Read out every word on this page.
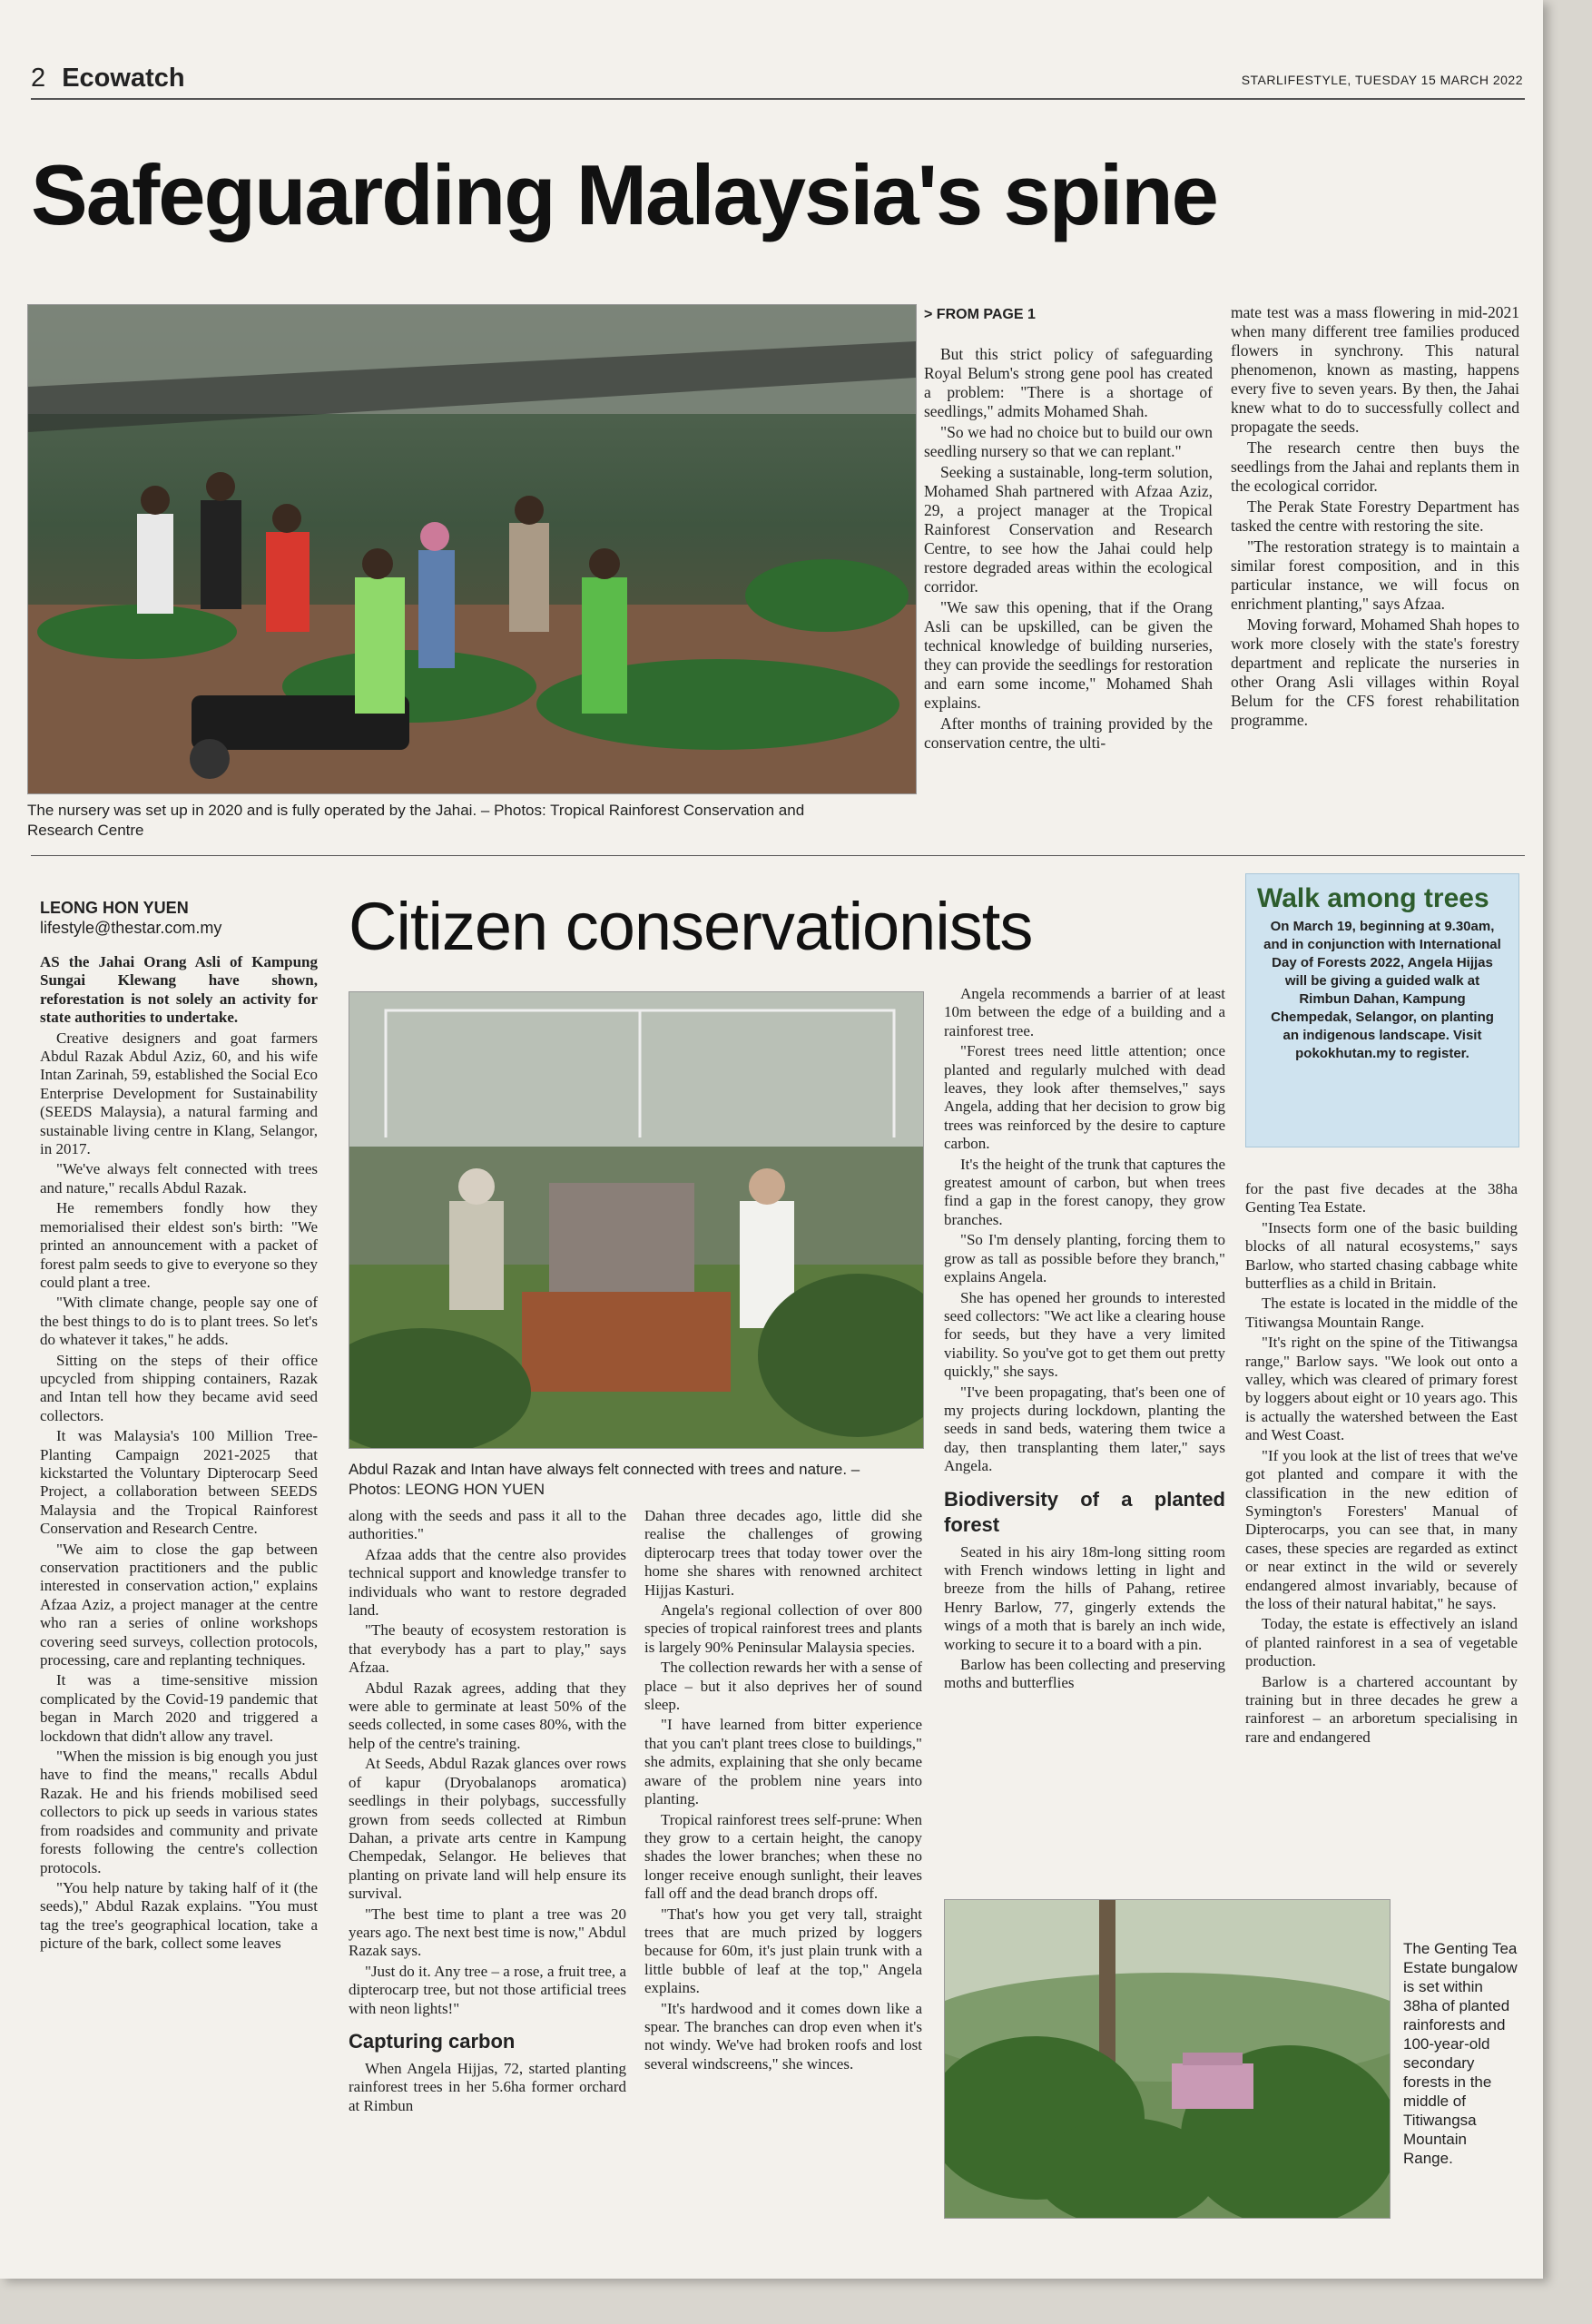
2 Ecowatch	STARLIFESTYLE, TUESDAY 15 MARCH 2022
Safeguarding Malaysia's spine
The nursery was set up in 2020 and is fully operated by the Jahai. – Photos: Tropical Rainforest Conservation and Research Centre
> FROM PAGE 1

But this strict policy of safeguarding Royal Belum's strong gene pool has created a problem: "There is a shortage of seedlings," admits Mohamed Shah.

"So we had no choice but to build our own seedling nursery so that we can replant."

Seeking a sustainable, long-term solution, Mohamed Shah partnered with Afzaa Aziz, 29, a project manager at the Tropical Rainforest Conservation and Research Centre, to see how the Jahai could help restore degraded areas within the ecological corridor.

"We saw this opening, that if the Orang Asli can be upskilled, can be given the technical knowledge of building nurseries, they can provide the seedlings for restoration and earn some income," Mohamed Shah explains.

After months of training provided by the conservation centre, the ulti-

mate test was a mass flowering in mid-2021 when many different tree families produced flowers in synchrony. This natural phenomenon, known as masting, happens every five to seven years. By then, the Jahai knew what to do to successfully collect and propagate the seeds.

The research centre then buys the seedlings from the Jahai and replants them in the ecological corridor.

The Perak State Forestry Department has tasked the centre with restoring the site.

"The restoration strategy is to maintain a similar forest composition, and in this particular instance, we will focus on enrichment planting," says Afzaa.

Moving forward, Mohamed Shah hopes to work more closely with the state's forestry department and replicate the nurseries in other Orang Asli villages within Royal Belum for the CFS forest rehabilitation programme.

LEONG HON YUEN
lifestyle@thestar.com.my Citizen conservationists
Abdul Razak and Intan have always felt connected with trees and nature. – Photos: LEONG HON YUEN

AS the Jahai Orang Asli of Kampung Sungai Klewang have shown, reforestation is not solely an activity for state authorities to undertake.

Creative designers and goat farmers Abdul Razak Abdul Aziz, 60, and his wife Intan Zarinah, 59, established the Social Eco Enterprise Development for Sustainability (SEEDS Malaysia), a natural farming and sustainable living centre in Klang, Selangor, in 2017.

"We've always felt connected with trees and nature," recalls Abdul Razak.

He remembers fondly how they memorialised their eldest son's birth: "We printed an announcement with a packet of forest palm seeds to give to everyone so they could plant a tree.

"With climate change, people say one of the best things to do is to plant trees. So let's do whatever it takes," he adds.

Sitting on the steps of their office upcycled from shipping containers, Razak and Intan tell how they became avid seed collectors.

It was Malaysia's 100 Million Tree-Planting Campaign 2021-2025 that kickstarted the Voluntary Dipterocarp Seed Project, a collaboration between SEEDS Malaysia and the Tropical Rainforest Conservation and Research Centre.

"We aim to close the gap between conservation practitioners and the public interested in conservation action," explains Afzaa Aziz, a project manager at the centre who ran a series of online workshops covering seed surveys, collection protocols, processing, care and replanting techniques.

It was a time-sensitive mission complicated by the Covid-19 pandemic that began in March 2020 and triggered a lockdown that didn't allow any travel.

"When the mission is big enough you just have to find the means," recalls Abdul Razak. He and his friends mobilised seed collectors to pick up seeds in various states from roadsides and community and private forests following the centre's collection protocols.

"You help nature by taking half of it (the seeds)," Abdul Razak explains. "You must tag the tree's geographical location, take a picture of the bark, collect some leaves

along with the seeds and pass it all to the authorities."

Afzaa adds that the centre also provides technical support and knowledge transfer to individuals who want to restore degraded land.

"The beauty of ecosystem restoration is that everybody has a part to play," says Afzaa.

Abdul Razak agrees, adding that they were able to germinate at least 50% of the seeds collected, in some cases 80%, with the help of the centre's training.

At Seeds, Abdul Razak glances over rows of kapur (Dryobalanops aromatica) seedlings in their polybags, successfully grown from seeds collected at Rimbun Dahan, a private arts centre in Kampung Chempedak, Selangor. He believes that planting on private land will help ensure its survival.

"The best time to plant a tree was 20 years ago. The next best time is now," Abdul Razak says.

"Just do it. Any tree – a rose, a fruit tree, a dipterocarp tree, but not those artificial trees with neon lights!"

Capturing carbon

When Angela Hijjas, 72, started planting rainforest trees in her 5.6ha former orchard at Rimbun

Dahan three decades ago, little did she realise the challenges of growing dipterocarp trees that today tower over the home she shares with renowned architect Hijjas Kasturi.

Angela's regional collection of over 800 species of tropical rainforest trees and plants is largely 90% Peninsular Malaysia species.

The collection rewards her with a sense of place – but it also deprives her of sound sleep.

"I have learned from bitter experience that you can't plant trees close to buildings," she admits, explaining that she only became aware of the problem nine years into planting.

Tropical rainforest trees self-prune: When they grow to a certain height, the canopy shades the lower branches; when these no longer receive enough sunlight, their leaves fall off and the dead branch drops off.

"That's how you get very tall, straight trees that are much prized by loggers because for 60m, it's just plain trunk with a little bubble of leaf at the top," Angela explains.

"It's hardwood and it comes down like a spear. The branches can drop even when it's not windy. We've had broken roofs and lost several windscreens," she winces.

Angela recommends a barrier of at least 10m between the edge of a building and a rainforest tree.

"Forest trees need little attention; once planted and regularly mulched with dead leaves, they look after themselves," says Angela, adding that her decision to grow big trees was reinforced by the desire to capture carbon.

It's the height of the trunk that captures the greatest amount of carbon, but when trees find a gap in the forest canopy, they grow branches.

"So I'm densely planting, forcing them to grow as tall as possible before they branch," explains Angela.

She has opened her grounds to interested seed collectors: "We act like a clearing house for seeds, but they have a very limited viability. So you've got to get them out pretty quickly," she says.

"I've been propagating, that's been one of my projects during lockdown, planting the seeds in sand beds, watering them twice a day, then transplanting them later," says Angela.

Biodiversity of a planted forest

Seated in his airy 18m-long sitting room with French windows letting in light and breeze from the hills of Pahang, retiree Henry Barlow, 77, gingerly extends the wings of a moth that is barely an inch wide, working to secure it to a board with a pin.

Barlow has been collecting and preserving moths and butterflies

Walk among trees
On March 19, beginning at 9.30am, and in conjunction with International Day of Forests 2022, Angela Hijjas will be giving a guided walk at Rimbun Dahan, Kampung Chempedak, Selangor, on planting an indigenous landscape. Visit pokokhutan.my to register.

for the past five decades at the 38ha Genting Tea Estate.

"Insects form one of the basic building blocks of all natural ecosystems," says Barlow, who started chasing cabbage white butterflies as a child in Britain.

The estate is located in the middle of the Titiwangsa Mountain Range.

"It's right on the spine of the Titiwangsa range," Barlow says. "We look out onto a valley, which was cleared of primary forest by loggers about eight or 10 years ago. This is actually the watershed between the East and West Coast.

"If you look at the list of trees that we've got planted and compare it with the classification in the new edition of Symington's Foresters' Manual of Dipterocarps, you can see that, in many cases, these species are regarded as extinct or near extinct in the wild or severely endangered almost invariably, because of the loss of their natural habitat," he says.

Today, the estate is effectively an island of planted rainforest in a sea of vegetable production.

Barlow is a chartered accountant by training but in three decades he grew a rainforest – an arboretum specialising in rare and endangered

The Genting Tea Estate bungalow is set within 38ha of planted rainforests and 100-year-old secondary forests in the middle of Titiwangsa Mountain Range.
